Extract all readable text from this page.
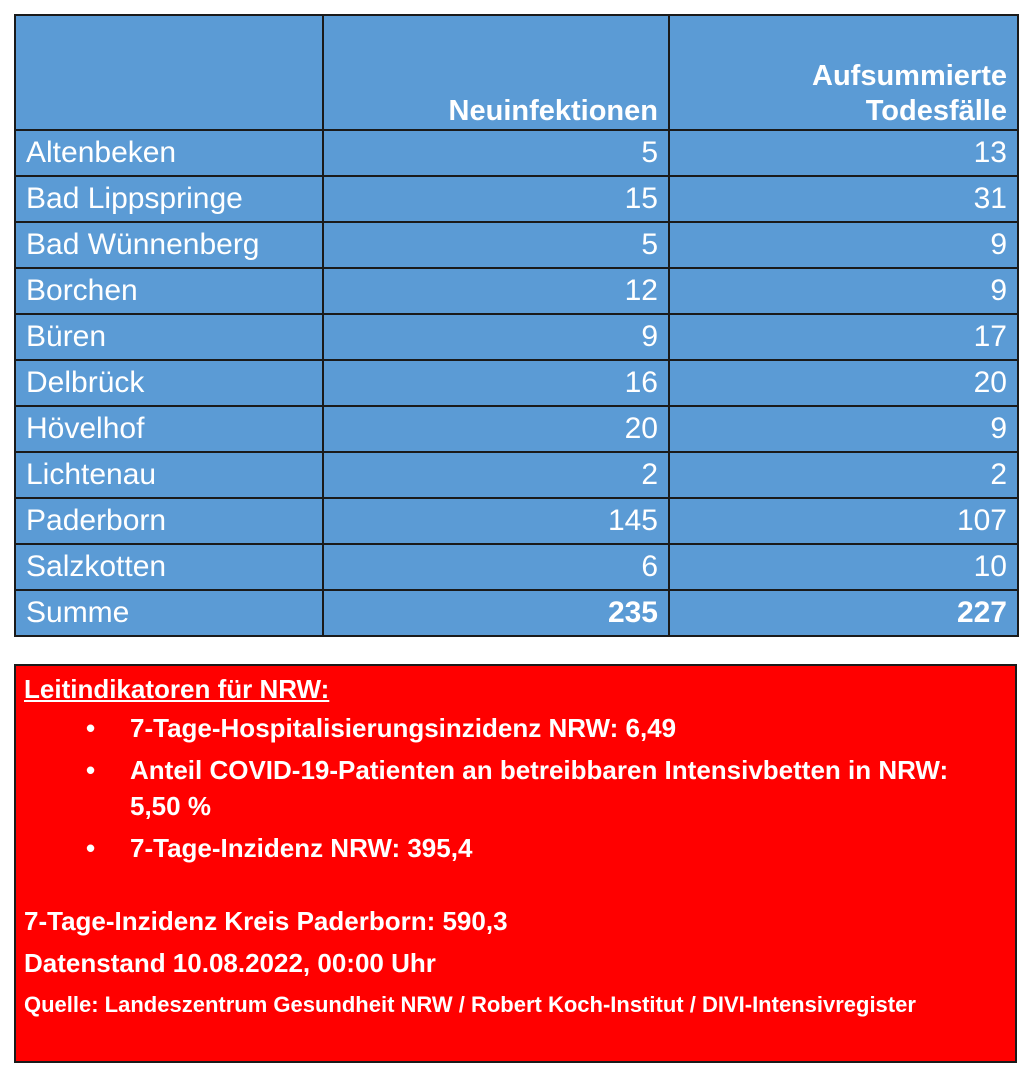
	Neuinfektionen	Aufsummierte Todesfälle
Altenbeken	5	13
Bad Lippspringe	15	31
Bad Wünnenberg	5	9
Borchen	12	9
Büren	9	17
Delbrück	16	20
Hövelhof	20	9
Lichtenau	2	2
Paderborn	145	107
Salzkotten	6	10
Summe	235	227
Leitindikatoren für NRW:
• 7-Tage-Hospitalisierungsinzidenz NRW: 6,49
• Anteil COVID-19-Patienten an betreibbaren Intensivbetten in NRW: 5,50 %
• 7-Tage-Inzidenz NRW: 395,4
7-Tage-Inzidenz Kreis Paderborn: 590,3
Datenstand 10.08.2022, 00:00 Uhr
Quelle: Landeszentrum Gesundheit NRW / Robert Koch-Institut / DIVI-Intensivregister
